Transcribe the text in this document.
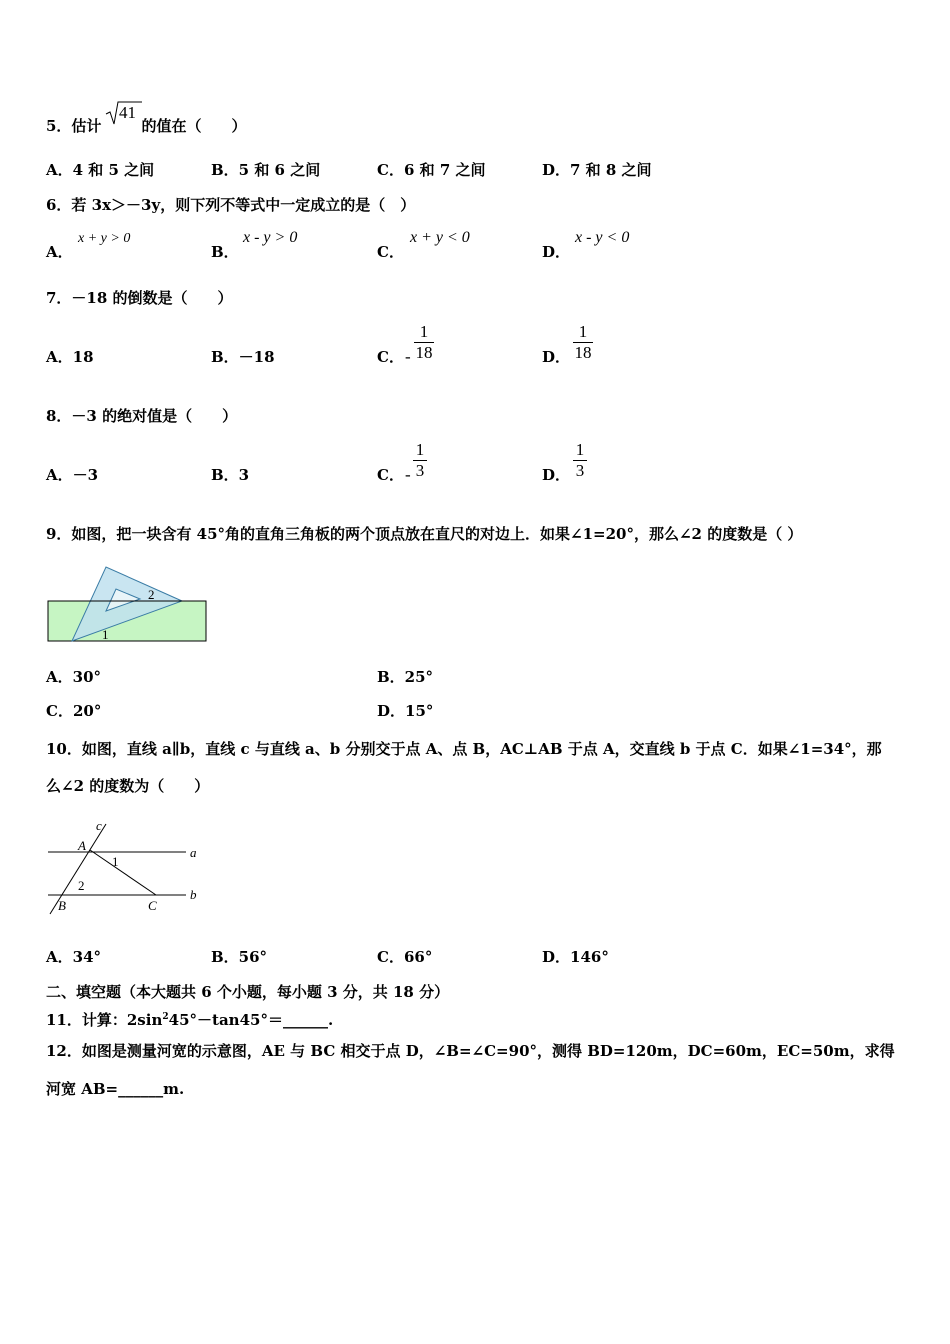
5．估计	的值在（　　）
41
A．4 和 5 之间	B．5 和 6 之间	C．6 和 7 之间	D．7 和 8 之间
6．若 3x＞－3y，则下列不等式中一定成立的是（　）
A．
x + y > 0
B．
x - y > 0
C．
x + y < 0
D．
x - y < 0
7．－18 的倒数是（　　）
A．18	B．－18	C． -
1
18	D．
1
18
8．－3 的绝对值是（　　）
A．－3	B．3	C． -
1
3	D．
1
3
9．如图，把一块含有 45°角的直角三角板的两个顶点放在直尺的对边上．如果∠1=20°，那么∠2 的度数是（ ）
2
1
A．30°	B．25°
C．20°	D．15°
10．如图，直线 a∥b，直线 c 与直线 a、b 分别交于点 A、点 B，AC⊥AB 于点 A，交直线 b 于点 C．如果∠1=34°，那
么∠2 的度数为（　　）
c
A	a
1
2
B	C
b
A．34°	B．56°	C．66°	D．146°
二、填空题（本大题共 6 个小题，每小题 3 分，共 18 分）
11．计算：$2\sin^245^\circ-\tan 45^\circ=\_\_\_\_\_\_$.
12．如图是测量河宽的示意图，AE 与 BC 相交于点 D，∠B=∠C=90°，测得 BD=120m，DC=60m，EC=50m，求得
河宽 AB=______m.
